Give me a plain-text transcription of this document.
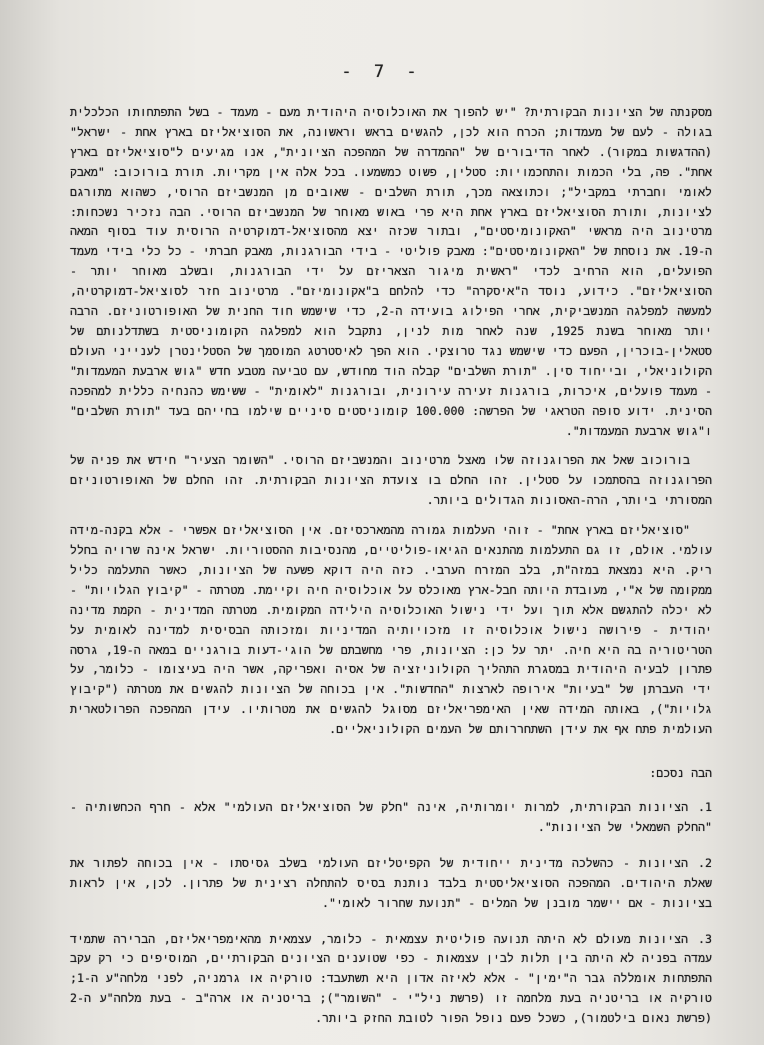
- 7 -

מסקנתה של הציונות הבקורתית? "יש להפוך את האוכלוסיה היהודית מעם - מעמד - בשל התפתחותו הכלכלית בגולה - לעם של מעמדות; הכרח הוא לכן, להגשים בראש וראשונה, את הסוציאליזם בארץ אחת - ישראל" (ההדגשות במקור). לאחר הדיבורים של "ההמדרה של המהפכה הציונית", אנו מגיעים ל"סוציאליזם בארץ אחת". פה, בלי הכמות והתחכמויות: סטלין, פשוט כמשמעו. בכל אלה אין מקריות. תורת בורוכוב: "מאבק לאומי וחברתי במקביל"; וכתוצאה מכך, תורת השלבים - שאובים מן המנשביזם הרוסי, כשהוא מתורגם לציונות, ותורת הסוציאליזם בארץ אחת היא פרי באוש מאוחר של המנשביזם הרוסי. הבה נזכיר נשכחות: מרטינוב היה מראשי "האקונומיסטים", ובתור שכזה יצא מהסוציאל-דמוקרטיה הרוסית עוד בסוף המאה ה-19. את נוסחת של "האקונומיסטים": מאבק פוליטי - בידי הבורגנות, מאבק חברתי - כל כלי בידי מעמד הפועלים, הוא הרחיב לכדי "ראשית מיגור הצאריזם על ידי הבורגנות, ובשלב מאוחר יותר - הסוציאליזם". כידוע, נוסד ה"איסקרה" כדי להלחם ב"אקונומיזם". מרטינוב חזר לסוציאל-דמוקרטיה, למעשה למפלגה המנשביקית, אחרי הפילוג בועידה ה-2, כדי שישמש חוד החנית של האופורטוניזם. הרבה יותר מאוחר בשנת 1925, שנה לאחר מות לנין, נתקבל הוא למפלגה הקומוניסטית בשתדלנותם של סטאלין-בוכרין, הפעם כדי שישמש נגד טרוצקי. הוא הפך לאיסטרטג המוסמך של הסטלינטרן לענייני העולם הקולוניאלי, ובייחוד סין. "תורת השלבים" קבלה הוד מחודש, עם טביעה מטבע חדש "גוש ארבעת המעמדות" - מעמד פועלים, איכרות, בורגנות זעירה עירונית, ובורגנות "לאומית" - ששימש כהנחיה כללית למהפכה הסינית. ידוע סופה הטראגי של הפרשה: 100.000 קומוניסטים סיניים שילמו בחייהם בעד "תורת השלבים" ו"גוש ארבעת המעמדות".

בורוכוב שאל את הפרוגנוזה שלו מאצל מרטינוב והמנשביזם הרוסי. "השומר הצעיר" חידש את פניה של הפרוגנוזה בהסתמכו על סטלין. זהו החלם בו צועדת הציונות הבקורתית. זהו החלם של האופורטוניזם המסורתי ביותר, הרה-האסונות הגדולים ביותר.

"סוציאליזם בארץ אחת" - זוהי העלמות גמורה מהמארכסיזם. אין הסוציאליזם אפשרי - אלא בקנה-מידה עולמי. אולם, זו גם התעלמות מהתנאים הגיאו-פוליטיים, מהנסיבות ההסטוריות. ישראל אינה שרויה בחלל ריק. היא נמצאת במזה"ת, בלב המזרח הערבי. כזה היה דוקא פשעה של הציונות, כאשר התעלמה כליל ממקומה של א"י, מעובדת היותה חבל-ארץ מאוכלס על אוכלוסיה חיה וקיימת. מטרתה - "קיבוץ הגלויות" - לא יכלה להתגשם אלא תוך ועל ידי נישול האוכלוסיה הילידה המקומית. מטרתה המדינית - הקמת מדינה יהודית - פירושה נישול אוכלוסיה זו מזכויותיה המדיניות ומזכותה הבסיסית למדינה לאומית על הטריטוריה בה היא חיה. יתר על כן: הציונות, פרי מחשבתם של הוגי-דעות בורגניים במאה ה-19, גרסה פתרון לבעיה היהודית במסגרת התהליך הקולוניזציה של אסיה ואפריקה, אשר היה בעיצומו - כלומר, על ידי העברתן של "בעיות" אירופה לארצות "החדשות". אין בכוחה של הציונות להגשים את מטרתה ("קיבוץ גלויות"), באותה המידה שאין האימפריאליזם מסוגל להגשים את מטרותיו. עידן המהפכה הפרולטארית העולמית פתח אף את עידן השתחררותם של העמים הקולוניאליים.

הבה נסכם:

1.הציונות הבקורתית, למרות יומרותיה, אינה "חלק של הסוציאליזם העולמי" אלא - חרף הכחשותיה - "החלק השמאלי של הציונות".
2.הציונות - כהשלכה מדינית ייחודית של הקפיטליזם העולמי בשלב גסיסתו - אין בכוחה לפתור את שאלת היהודים. המהפכה הסוציאליסטית בלבד נותנת בסיס להתחלה רצינית של פתרון. לכן, אין לראות בציונות - אם יישמר מובנן של המלים - "תנועת שחרור לאומי".
3.הציונות מעולם לא היתה תנועה פוליטית עצמאית - כלומר, עצמאית מהאימפריאליזם, הברירה שתמיד עמדה בפניה לא היתה בין תלות לבין עצמאות - כפי שטוענים הציונים הבקורתיים, המוסיפים כי רק עקב התפתחות אומללה גבר ה"ימין" - אלא לאיזה אדון היא תשתעבד: טורקיה או גרמניה, לפני מלחה"ע ה-1; טורקיה או בריטניה בעת מלחמה זו (פרשת ניל"י - "השומר"); בריטניה או ארה"ב - בעת מלחה"ע ה-2 (פרשת נאום בילטמור), כשכל פעם נופל הפור לטובת החזק ביותר.
